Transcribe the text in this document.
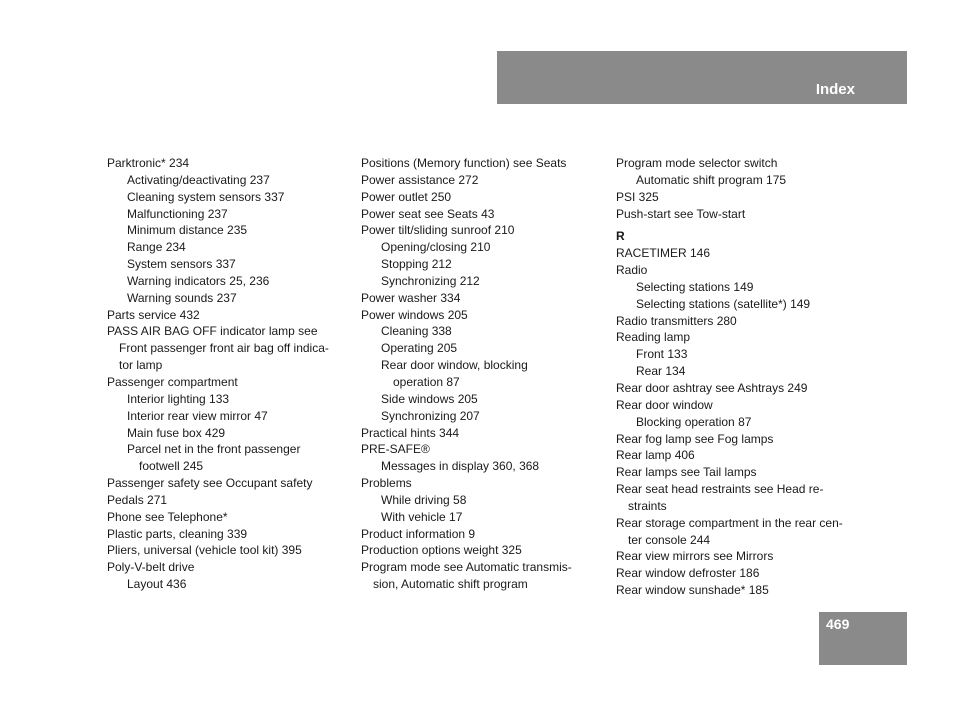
Index
Parktronic* 234
Activating/deactivating 237
Cleaning system sensors 337
Malfunctioning 237
Minimum distance 235
Range 234
System sensors 337
Warning indicators 25, 236
Warning sounds 237
Parts service 432
PASS AIR BAG OFF indicator lamp see
Front passenger front air bag off indica-
tor lamp
Passenger compartment
Interior lighting 133
Interior rear view mirror 47
Main fuse box 429
Parcel net in the front passenger
footwell 245
Passenger safety see Occupant safety
Pedals 271
Phone see Telephone*
Plastic parts, cleaning 339
Pliers, universal (vehicle tool kit) 395
Poly-V-belt drive
Layout 436
Positions (Memory function) see Seats
Power assistance 272
Power outlet 250
Power seat see Seats 43
Power tilt/sliding sunroof 210
Opening/closing 210
Stopping 212
Synchronizing 212
Power washer 334
Power windows 205
Cleaning 338
Operating 205
Rear door window, blocking
operation 87
Side windows 205
Synchronizing 207
Practical hints 344
PRE-SAFE®
Messages in display 360, 368
Problems
While driving 58
With vehicle 17
Product information 9
Production options weight 325
Program mode see Automatic transmis-
sion, Automatic shift program
Program mode selector switch
Automatic shift program 175
PSI 325
Push-start see Tow-start
R
RACETIMER 146
Radio
Selecting stations 149
Selecting stations (satellite*) 149
Radio transmitters 280
Reading lamp
Front 133
Rear 134
Rear door ashtray see Ashtrays 249
Rear door window
Blocking operation 87
Rear fog lamp see Fog lamps
Rear lamp 406
Rear lamps see Tail lamps
Rear seat head restraints see Head re-
straints
Rear storage compartment in the rear cen-
ter console 244
Rear view mirrors see Mirrors
Rear window defroster 186
Rear window sunshade* 185
469
